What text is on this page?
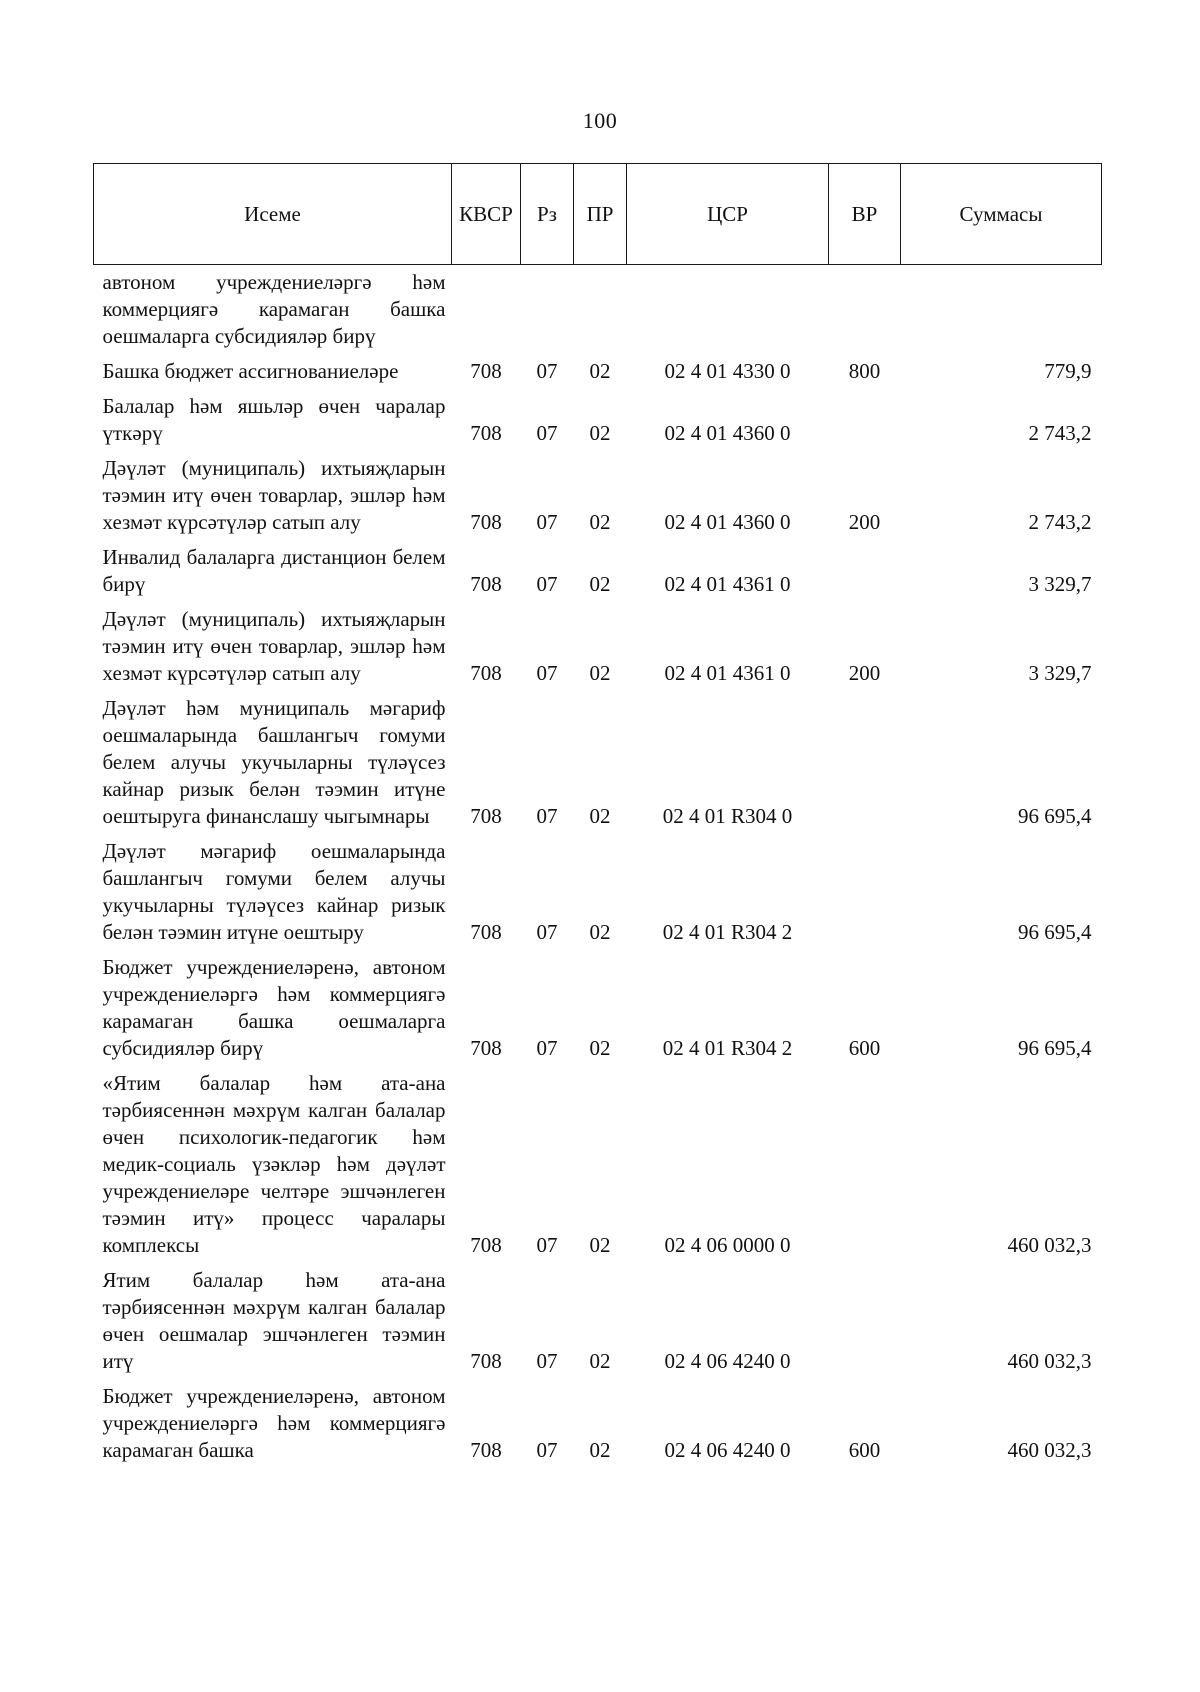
100
Исеме	КВСР	Рз	ПР	ЦСР	ВР	Суммасы
автоном учреждениеләргә һәм коммерциягә карамаган башка оешмаларга субсидияләр бирү						
Башка бюджет ассигнованиеләре	708	07	02	02 4 01 4330 0	800	779,9
Балалар һәм яшьләр өчен чаралар үткәрү	708	07	02	02 4 01 4360 0		2 743,2
Дәүләт (муниципаль) ихтыяҗларын тәэмин итү өчен товарлар, эшләр һәм хезмәт күрсәтүләр сатып алу	708	07	02	02 4 01 4360 0	200	2 743,2
Инвалид балаларга дистанцион белем бирү	708	07	02	02 4 01 4361 0		3 329,7
Дәүләт (муниципаль) ихтыяҗларын тәэмин итү өчен товарлар, эшләр һәм хезмәт күрсәтүләр сатып алу	708	07	02	02 4 01 4361 0	200	3 329,7
Дәүләт һәм муниципаль мәгариф оешмаларында башлангыч гомуми белем алучы укучыларны түләүсез кайнар ризык белән тәэмин итүне оештыруга финанслашу чыгымнары	708	07	02	02 4 01 R304 0		96 695,4
Дәүләт мәгариф оешмаларында башлангыч гомуми белем алучы укучыларны түләүсез кайнар ризык белән тәэмин итүне оештыру	708	07	02	02 4 01 R304 2		96 695,4
Бюджет учреждениеләренә, автоном учреждениеләргә һәм коммерциягә карамаган башка оешмаларга субсидияләр бирү	708	07	02	02 4 01 R304 2	600	96 695,4
«Ятим балалар һәм ата-ана тәрбиясеннән мәхрүм калган балалар өчен психологик-педагогик һәм медик-социаль үзәкләр һәм дәүләт учреждениеләре челтәре эшчәнлеген тәэмин итү» процесс чаралары комплексы	708	07	02	02 4 06 0000 0		460 032,3
Ятим балалар һәм ата-ана тәрбиясеннән мәхрүм калган балалар өчен оешмалар эшчәнлеген тәэмин итү	708	07	02	02 4 06 4240 0		460 032,3
Бюджет учреждениеләренә, автоном учреждениеләргә һәм коммерциягә карамаган башка	708	07	02	02 4 06 4240 0	600	460 032,3
